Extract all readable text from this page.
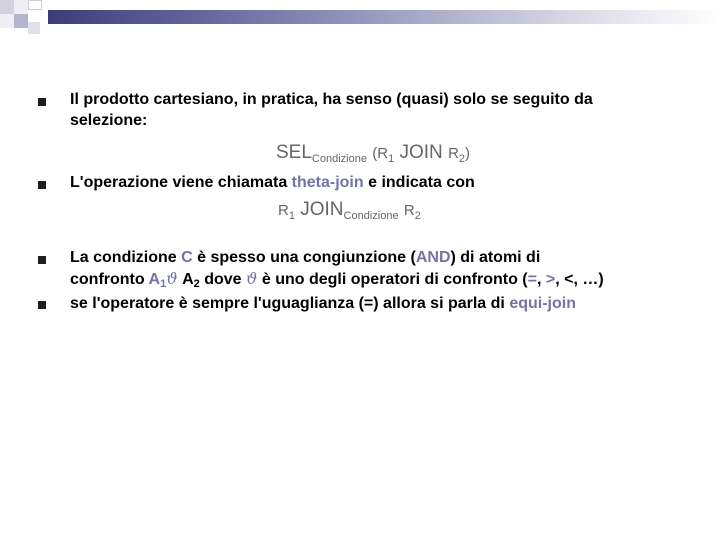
Il prodotto cartesiano, in pratica, ha senso (quasi) solo se seguito da
selezione:
$SEL_{Condizione}$ ($R_1$ JOIN $R_2$)
L'operazione viene chiamata theta-join e indicata con
$R_1$ $JOIN_{Condizione}$ $R_2$
La condizione C è spesso una congiunzione (AND) di atomi di
confronto $A_1ϑ$ $A_2$ dove ϑ è uno degli operatori di confronto (=, >, <, …)
se l'operatore è sempre l'uguaglianza (=) allora si parla di equi-join
